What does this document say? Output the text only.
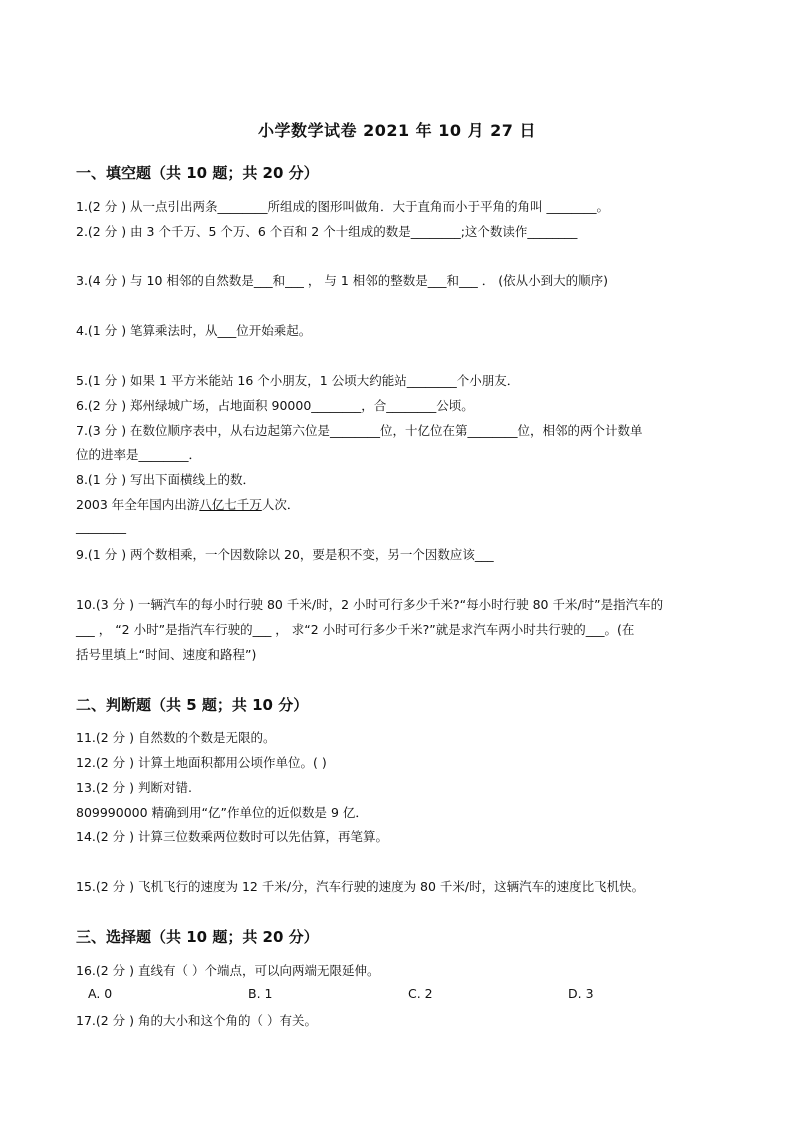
小学数学试卷 2021 年 10 月 27 日
一、填空题（共 10 题；共 20 分）
1.(2 分 ) 从一点引出两条________所组成的图形叫做角．大于直角而小于平角的角叫 ________。
2.(2 分 ) 由 3 个千万、5 个万、6 个百和 2 个十组成的数是________;这个数读作________
3.(4 分 ) 与 10 相邻的自然数是___和___ ， 与 1 相邻的整数是___和___ ． (依从小到大的顺序)
4.(1 分 ) 笔算乘法时，从___位开始乘起。
5.(1 分 ) 如果 1 平方米能站 16 个小朋友，1 公顷大约能站________个小朋友．
6.(2 分 ) 郑州绿城广场，占地面积 90000________，合________公顷。
7.(3 分 ) 在数位顺序表中，从右边起第六位是________位，十亿位在第________位，相邻的两个计数单
位的进率是________．
8.(1 分 ) 写出下面横线上的数．
2003 年全年国内出游八亿七千万人次．
________
9.(1 分 ) 两个数相乘，一个因数除以 20，要是积不变，另一个因数应该___
10.(3 分 ) 一辆汽车的每小时行驶 80 千米/时，2 小时可行多少千米?“每小时行驶 80 千米/时”是指汽车的
___ ， “2 小时”是指汽车行驶的___ ， 求“2 小时可行多少千米?”就是求汽车两小时共行驶的___。(在
括号里填上“时间、速度和路程”)
二、判断题（共 5 题；共 10 分）
11.(2 分 ) 自然数的个数是无限的。
12.(2 分 ) 计算土地面积都用公顷作单位。( )
13.(2 分 ) 判断对错.
809990000 精确到用“亿”作单位的近似数是 9 亿．
14.(2 分 ) 计算三位数乘两位数时可以先估算，再笔算。
15.(2 分 ) 飞机飞行的速度为 12 千米/分，汽车行驶的速度为 80 千米/时，这辆汽车的速度比飞机快。
三、选择题（共 10 题；共 20 分）
16.(2 分 ) 直线有（ ）个端点，可以向两端无限延伸。
A. 0	B. 1	C. 2	D. 3
17.(2 分 ) 角的大小和这个角的（ ）有关。
